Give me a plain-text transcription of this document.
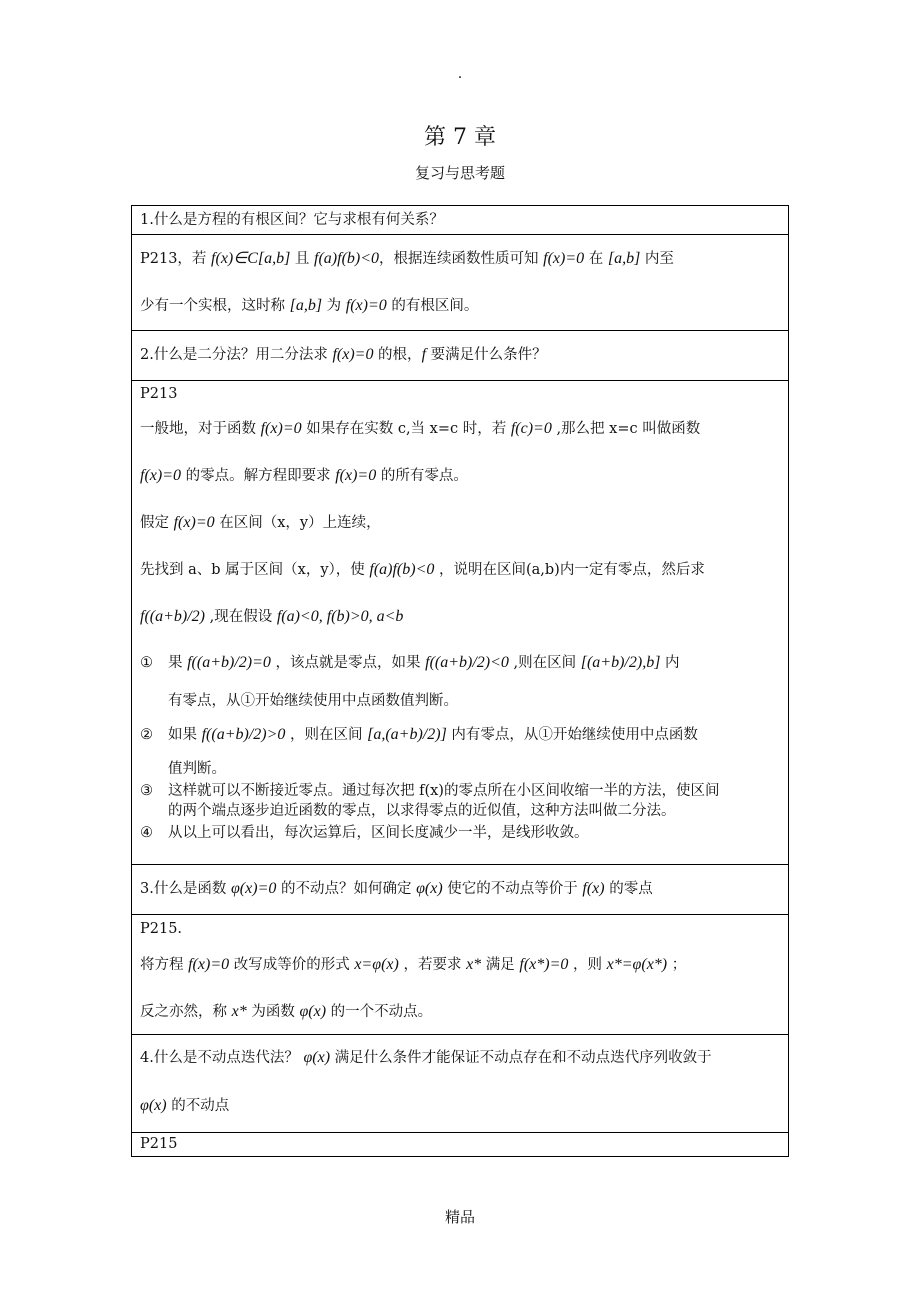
.
第 7 章
复习与思考题

1.什么是方程的有根区间？它与求根有何关系？

P213，若 f(x)∈C[a,b] 且 f(a)f(b)<0，根据连续函数性质可知 f(x)=0 在 [a,b] 内至

少有一个实根，这时称 [a,b] 为 f(x)=0 的有根区间。

2.什么是二分法？用二分法求 f(x)=0 的根，f 要满足什么条件？

P213

一般地，对于函数 f(x)=0 如果存在实数 c,当 x=c 时，若 f(c)=0 ,那么把 x=c 叫做函数

f(x)=0 的零点。解方程即要求 f(x)=0 的所有零点。

假定 f(x)=0 在区间（x，y）上连续，

先找到 a、b 属于区间（x，y），使 f(a)f(b)<0 ，说明在区间(a,b)内一定有零点，然后求

f((a+b)/2) ,现在假设 f(a)<0, f(b)>0, a<b

①	果 f((a+b)/2)=0 ，该点就是零点，如果 f((a+b)/2)<0 ,则在区间 [(a+b)/2),b] 内

有零点，从①开始继续使用中点函数值判断。

②	如果 f((a+b)/2)>0 ，则在区间 [a,(a+b)/2)] 内有零点，从①开始继续使用中点函数

值判断。

③	这样就可以不断接近零点。通过每次把 f(x)的零点所在小区间收缩一半的方法，使区间

的两个端点逐步迫近函数的零点，以求得零点的近似值，这种方法叫做二分法。

④	从以上可以看出，每次运算后，区间长度减少一半，是线形收敛。

3.什么是函数 φ(x)=0 的不动点？如何确定 φ(x) 使它的不动点等价于 f(x) 的零点

P215.

将方程 f(x)=0 改写成等价的形式 x=φ(x) ，若要求 x* 满足 f(x*)=0 ，则 x*=φ(x*) ；

反之亦然，称 x* 为函数 φ(x) 的一个不动点。

4.什么是不动点迭代法？ φ(x) 满足什么条件才能保证不动点存在和不动点迭代序列收敛于

φ(x) 的不动点

P215

精品
